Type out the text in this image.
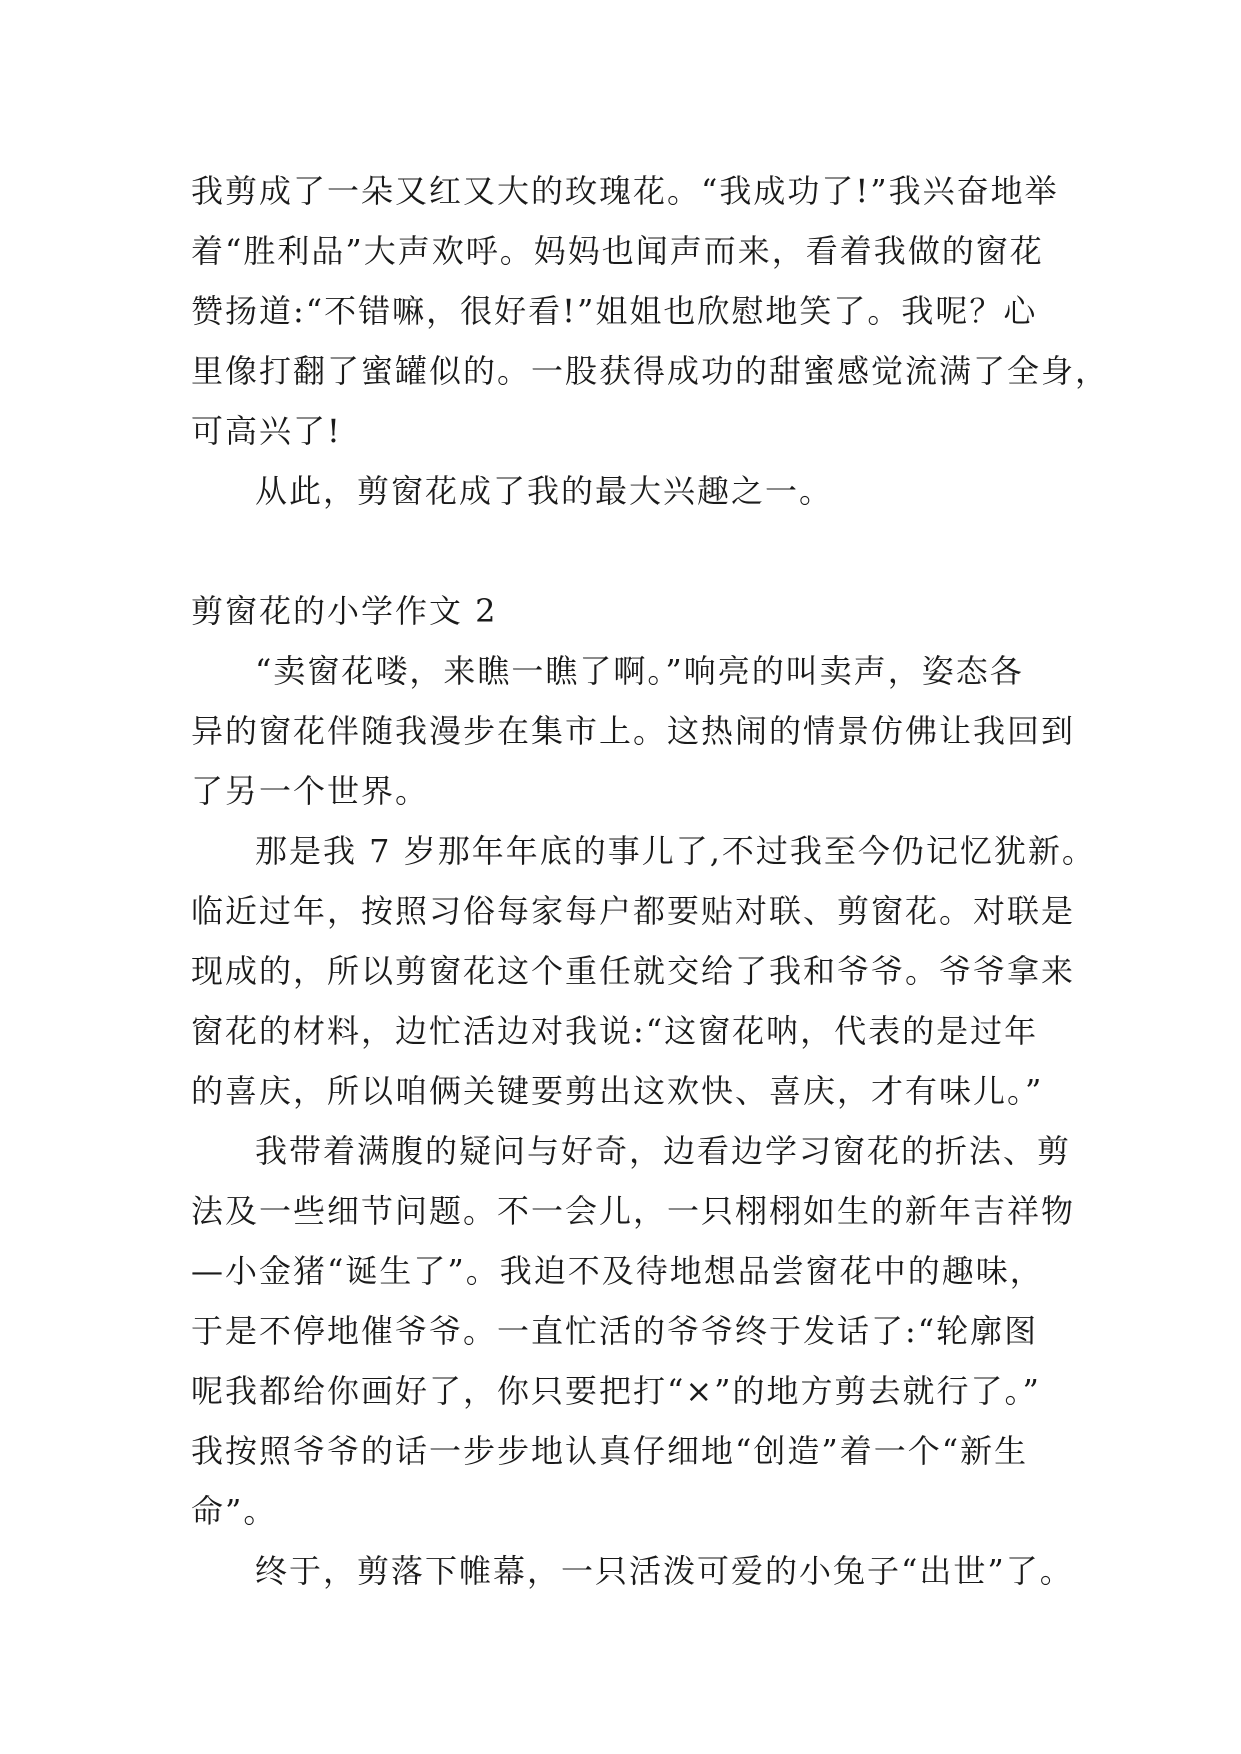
我剪成了一朵又红又大的玫瑰花。“我成功了!”我兴奋地举
着“胜利品”大声欢呼。妈妈也闻声而来，看着我做的窗花
赞扬道:“不错嘛，很好看!”姐姐也欣慰地笑了。我呢？心
里像打翻了蜜罐似的。一股获得成功的甜蜜感觉流满了全身，
可高兴了!
从此，剪窗花成了我的最大兴趣之一。
剪窗花的小学作文 2
“卖窗花喽，来瞧一瞧了啊。”响亮的叫卖声，姿态各
异的窗花伴随我漫步在集市上。这热闹的情景仿佛让我回到
了另一个世界。
那是我 7 岁那年年底的事儿了,不过我至今仍记忆犹新。
临近过年，按照习俗每家每户都要贴对联、剪窗花。对联是
现成的，所以剪窗花这个重任就交给了我和爷爷。爷爷拿来
窗花的材料，边忙活边对我说:“这窗花呐，代表的是过年
的喜庆，所以咱俩关键要剪出这欢快、喜庆，才有味儿。”
我带着满腹的疑问与好奇，边看边学习窗花的折法、剪
法及一些细节问题。不一会儿，一只栩栩如生的新年吉祥物
—小金猪“诞生了”。我迫不及待地想品尝窗花中的趣味，
于是不停地催爷爷。一直忙活的爷爷终于发话了:“轮廓图
呢我都给你画好了，你只要把打“×”的地方剪去就行了。”
我按照爷爷的话一步步地认真仔细地“创造”着一个“新生
命”。
终于，剪落下帷幕，一只活泼可爱的小兔子“出世”了。
